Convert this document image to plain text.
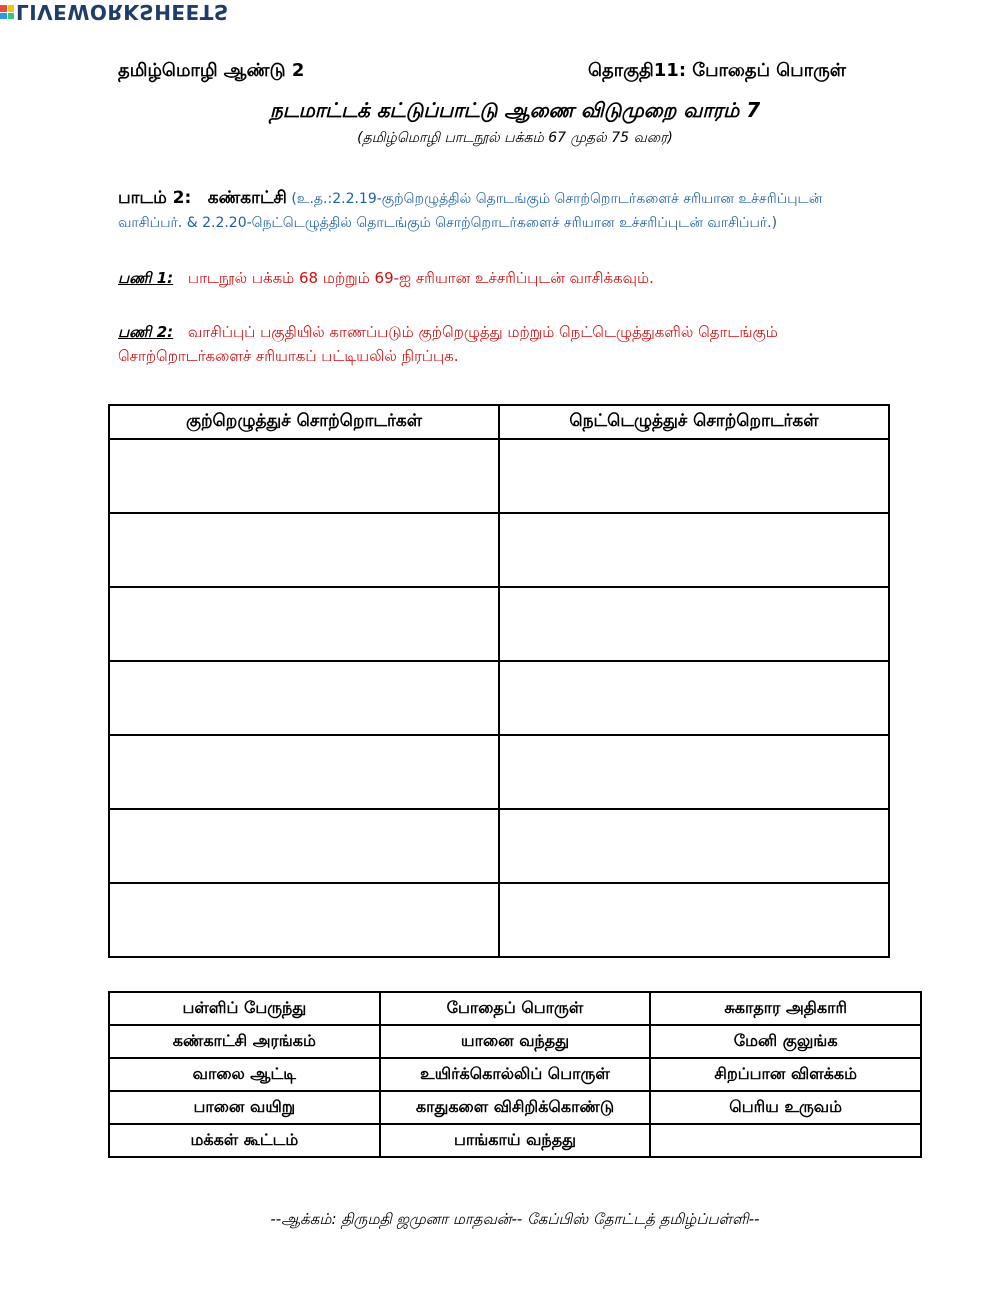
LIVEWORKSHEETS
தமிழ்மொழி ஆண்டு 2	தொகுதி11: போதைப் பொருள்
நடமாட்டக் கட்டுப்பாட்டு ஆணை விடுமுறை வாரம் 7
(தமிழ்மொழி பாடநூல் பக்கம் 67 முதல் 75 வரை)
பாடம் 2: கண்காட்சி (உ.த.:2.2.19-குற்றெழுத்தில் தொடங்கும் சொற்றொடர்களைச் சரியான உச்சரிப்புடன் வாசிப்பர். & 2.2.20-நெட்டெழுத்தில் தொடங்கும் சொற்றொடர்களைச் சரியான உச்சரிப்புடன் வாசிப்பர்.)
பணி 1: பாடநூல் பக்கம் 68 மற்றும் 69-ஐ சரியான உச்சரிப்புடன் வாசிக்கவும்.
பணி 2: வாசிப்புப் பகுதியில் காணப்படும் குற்றெழுத்து மற்றும் நெட்டெழுத்துகளில் தொடங்கும் சொற்றொடர்களைச் சரியாகப் பட்டியலில் நிரப்புக.
குற்றெழுத்துச் சொற்றொடர்கள்	நெட்டெழுத்துச் சொற்றொடர்கள்

பள்ளிப் பேருந்து	போதைப் பொருள்	சுகாதார அதிகாரி
கண்காட்சி அரங்கம்	யானை வந்தது	மேனி குலுங்க
வாலை ஆட்டி	உயிர்க்கொல்லிப் பொருள்	சிறப்பான விளக்கம்
பானை வயிறு	காதுகளை விசிறிக்கொண்டு	பெரிய உருவம்
மக்கள் கூட்டம்	பாங்காய் வந்தது	
--ஆக்கம்: திருமதி ஜமுனா மாதவன்-- கேப்பிஸ் தோட்டத் தமிழ்ப்பள்ளி--
